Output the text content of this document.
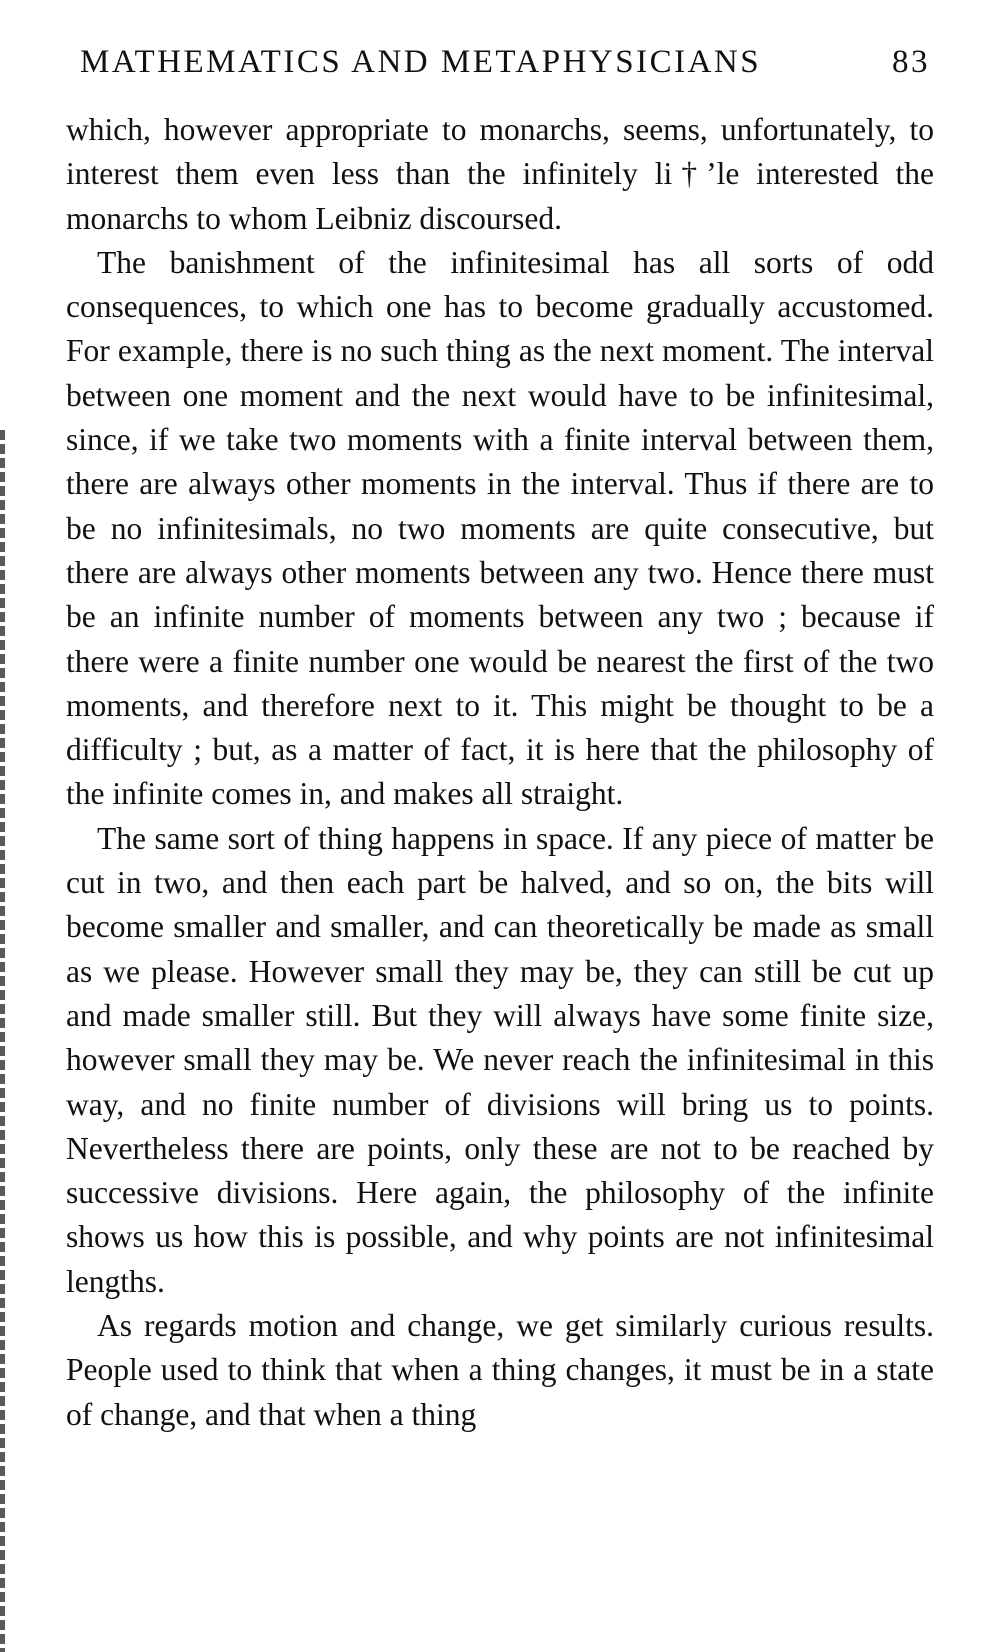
MATHEMATICS AND METAPHYSICIANS	83

which, however appropriate to monarchs, seems, unfortunately, to interest them even less than the infinitely li†ʼle interested the monarchs to whom Leibniz discoursed.

The banishment of the infinitesimal has all sorts of odd consequences, to which one has to become gradually accustomed. For example, there is no such thing as the next moment. The interval between one moment and the next would have to be infinitesimal, since, if we take two moments with a finite interval between them, there are always other moments in the interval. Thus if there are to be no infinitesimals, no two moments are quite consecutive, but there are always other moments between any two. Hence there must be an infinite number of moments between any two ; because if there were a finite number one would be nearest the first of the two moments, and therefore next to it. This might be thought to be a difficulty ; but, as a matter of fact, it is here that the philosophy of the infinite comes in, and makes all straight.

The same sort of thing happens in space. If any piece of matter be cut in two, and then each part be halved, and so on, the bits will become smaller and smaller, and can theoretically be made as small as we please. However small they may be, they can still be cut up and made smaller still. But they will always have some finite size, however small they may be. We never reach the infinitesimal in this way, and no finite number of divisions will bring us to points. Nevertheless there are points, only these are not to be reached by successive divisions. Here again, the philosophy of the infinite shows us how this is possible, and why points are not infinitesimal lengths.

As regards motion and change, we get similarly curious results. People used to think that when a thing changes, it must be in a state of change, and that when a thing
